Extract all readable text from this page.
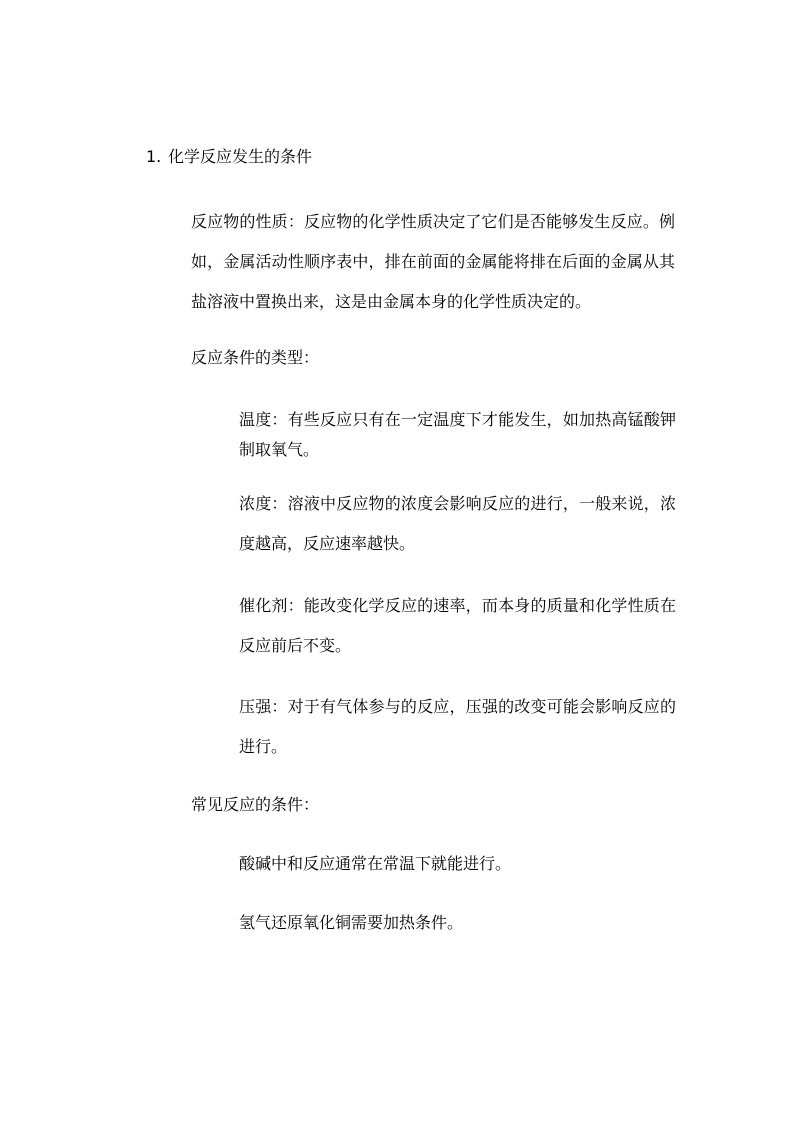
1. 化学反应发生的条件
反应物的性质：反应物的化学性质决定了它们是否能够发生反应。例如，金属活动性顺序表中，排在前面的金属能将排在后面的金属从其盐溶液中置换出来，这是由金属本身的化学性质决定的。
反应条件的类型：
温度：有些反应只有在一定温度下才能发生，如加热高锰酸钾制取氧气。
浓度：溶液中反应物的浓度会影响反应的进行，一般来说，浓度越高，反应速率越快。
催化剂：能改变化学反应的速率，而本身的质量和化学性质在反应前后不变。
压强：对于有气体参与的反应，压强的改变可能会影响反应的进行。
常见反应的条件：
酸碱中和反应通常在常温下就能进行。
氢气还原氧化铜需要加热条件。
